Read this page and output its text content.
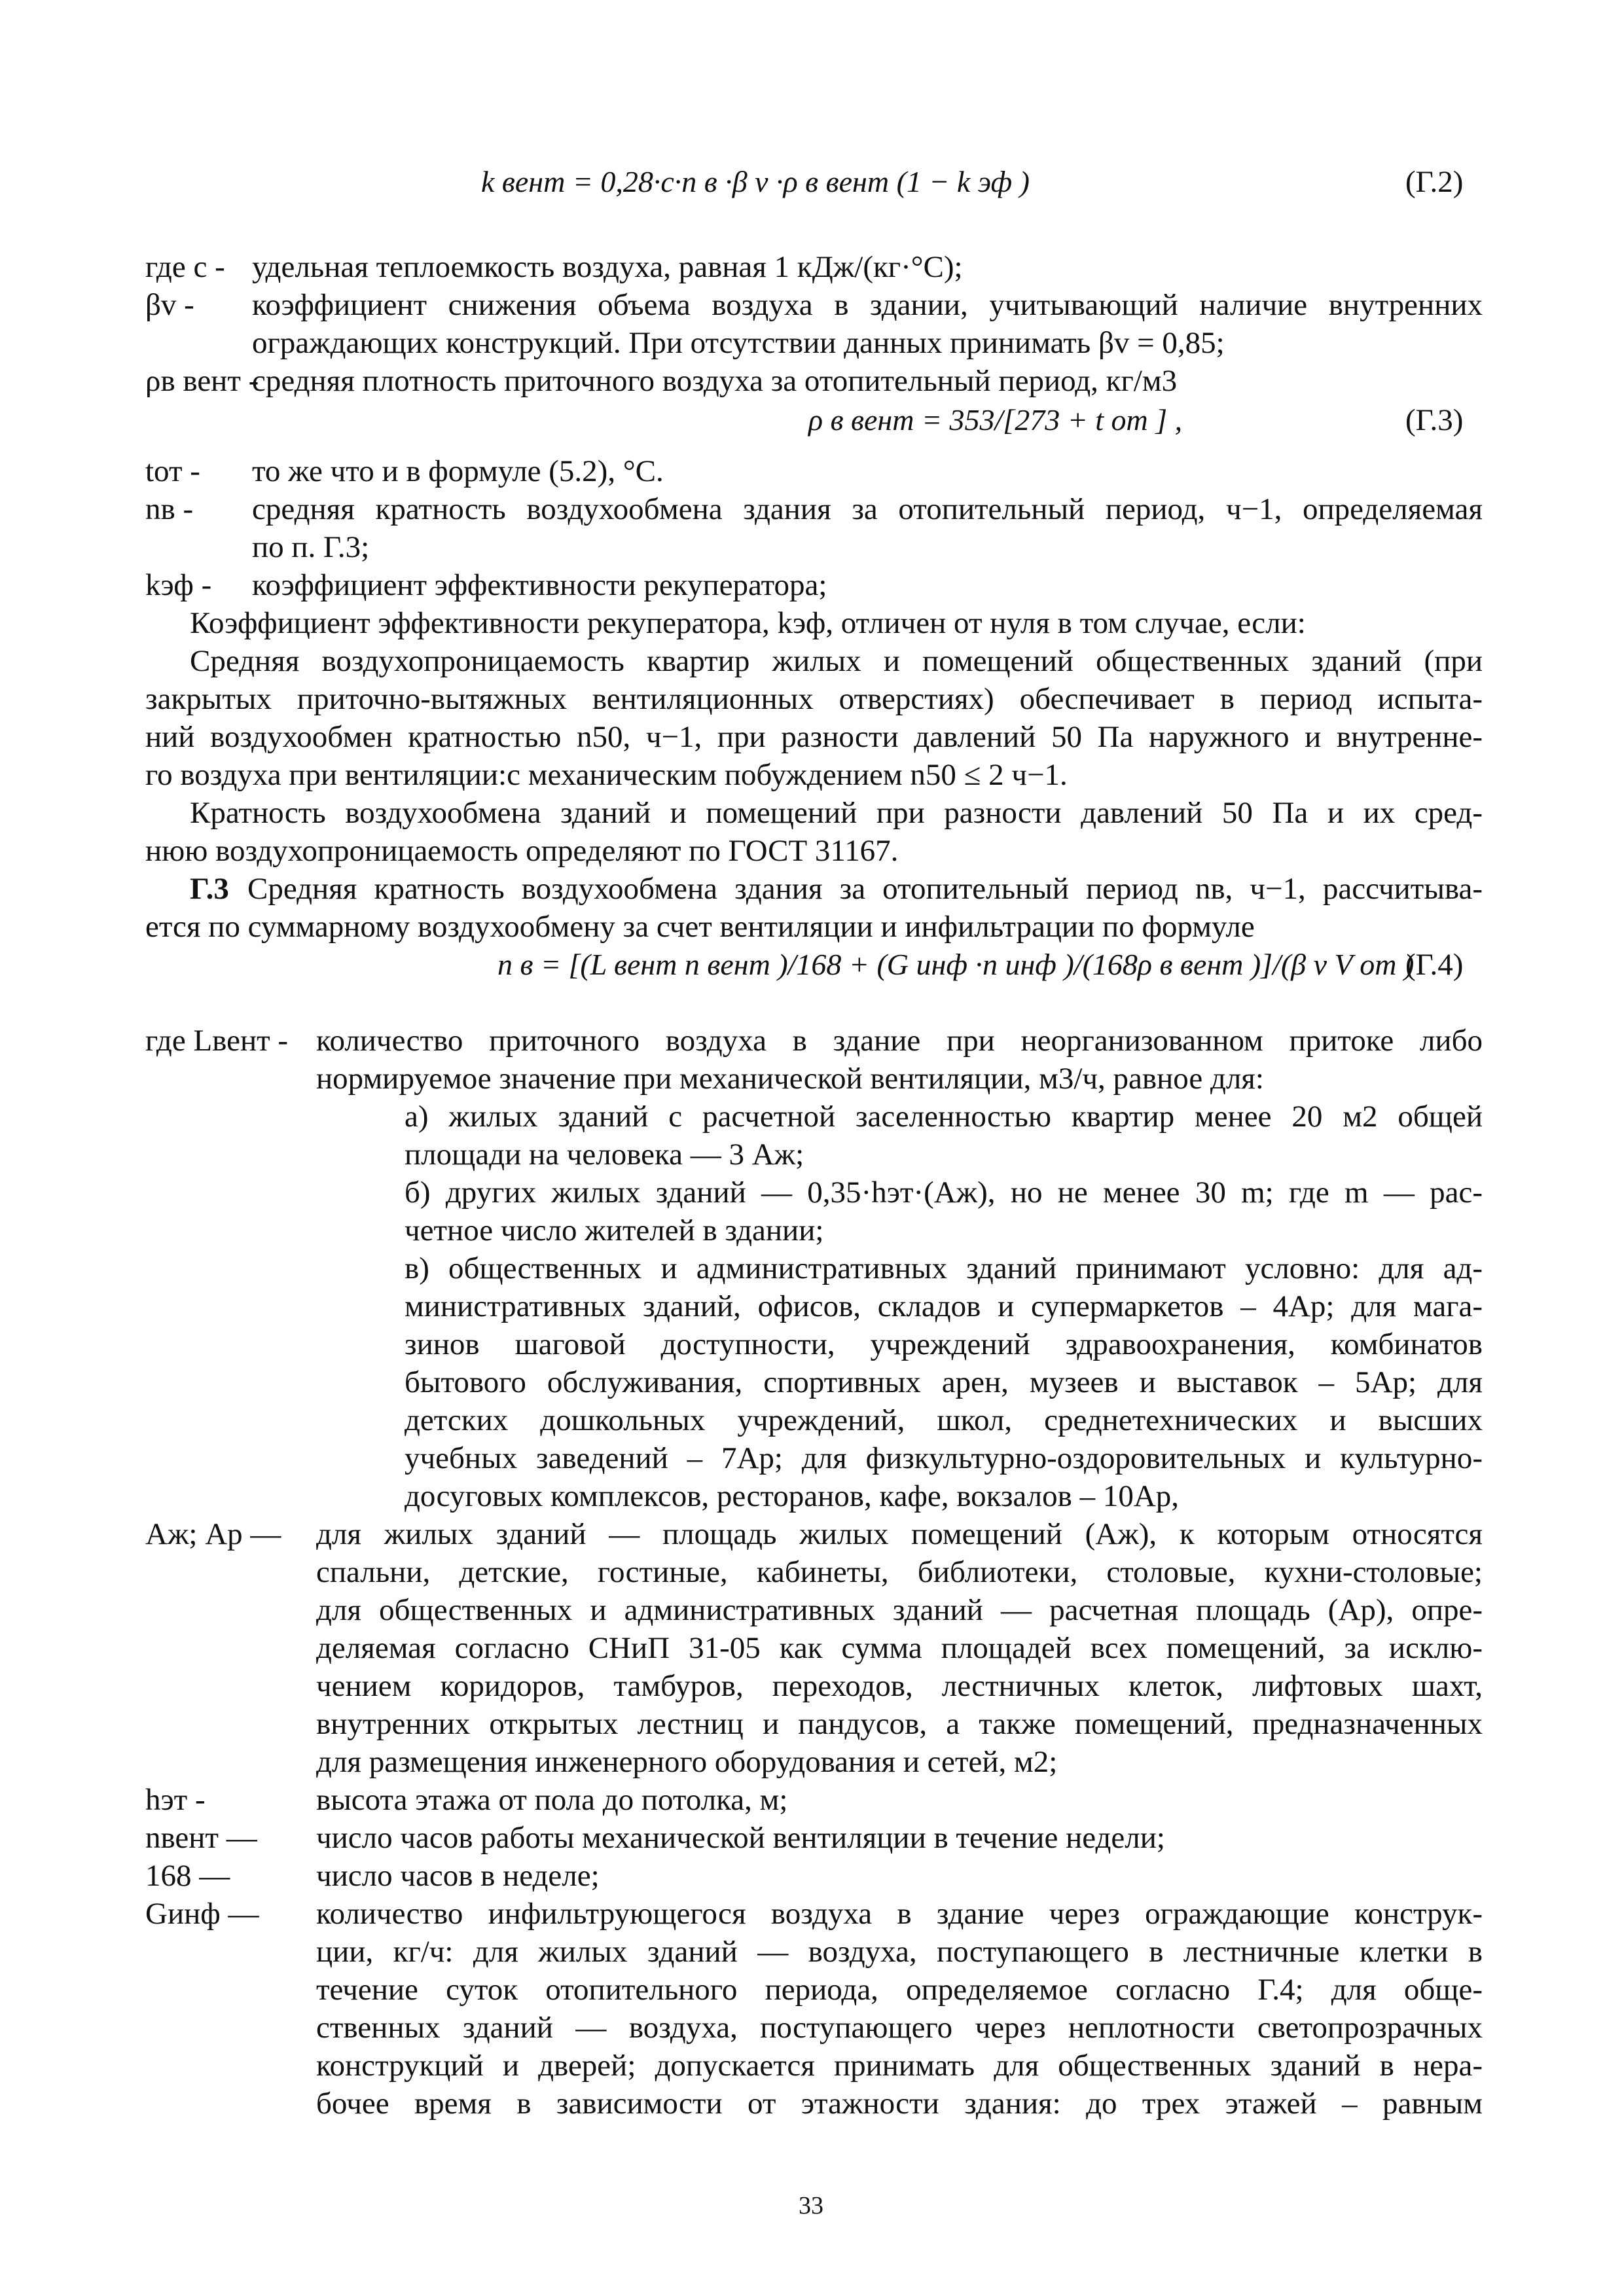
k вент = 0,28·c·n в ·β v ·ρ в вент (1 − k эф )	(Г.2)
где c - удельная теплоемкость воздуха, равная 1 кДж/(кг·°С);
βv - коэффициент снижения объема воздуха в здании, учитывающий наличие внутренних
ограждающих конструкций. При отсутствии данных принимать βv = 0,85;
ρв вент -
средняя плотность приточного воздуха за отопительный период, кг/м3
ρ в вент = 353/[273 + t от ] ,	(Г.3)
tот - то же что и в формуле (5.2), °С.
nв - средняя кратность воздухообмена здания за отопительный период, ч−1, определяемая
по п. Г.3;
kэф - коэффициент эффективности рекуператора;
Коэффициент эффективности рекуператора, kэф, отличен от нуля в том случае, если:
Средняя воздухопроницаемость квартир жилых и помещений общественных зданий (при
закрытых приточно-вытяжных вентиляционных отверстиях) обеспечивает в период испыта-
ний воздухообмен кратностью n50, ч−1, при разности давлений 50 Па наружного и внутренне-
го воздуха при вентиляции:с механическим побуждением n50 ≤ 2 ч−1.
Кратность воздухообмена зданий и помещений при разности давлений 50 Па и их сред-
нюю воздухопроницаемость определяют по ГОСТ 31167.
Г.3 Средняя кратность воздухообмена здания за отопительный период nв, ч−1, рассчитыва-
ется по суммарному воздухообмену за счет вентиляции и инфильтрации по формуле
n в = [(L вент n вент )/168 + (G инф ·n инф )/(168ρ в вент )]/(β v V от )
(Г.4)
где Lвент - количество приточного воздуха в здание при неорганизованном притоке либо
нормируемое значение при механической вентиляции, м3/ч, равное для:
а) жилых зданий с расчетной заселенностью квартир менее 20 м2 общей
площади на человека — 3 Аж;
б) других жилых зданий — 0,35·hэт·(Аж), но не менее 30 m; где m — рас-
четное число жителей в здании;
в) общественных и административных зданий принимают условно: для ад-
министративных зданий, офисов, складов и супермаркетов – 4Ар; для мага-
зинов шаговой доступности, учреждений здравоохранения, комбинатов
бытового обслуживания, спортивных арен, музеев и выставок – 5Ар; для
детских дошкольных учреждений, школ, среднетехнических и высших
учебных заведений – 7Ар; для физкультурно-оздоровительных и культурно-
досуговых комплексов, ресторанов, кафе, вокзалов – 10Ар,
Аж; Ар — для жилых зданий — площадь жилых помещений (Аж), к которым относятся
спальни, детские, гостиные, кабинеты, библиотеки, столовые, кухни-столовые;
для общественных и административных зданий — расчетная площадь (Ар), опре-
деляемая согласно СНиП 31-05 как сумма площадей всех помещений, за исклю-
чением коридоров, тамбуров, переходов, лестничных клеток, лифтовых шахт,
внутренних открытых лестниц и пандусов, а также помещений, предназначенных
для размещения инженерного оборудования и сетей, м2;
hэт -	высота этажа от пола до потолка, м;
nвент — число часов работы механической вентиляции в течение недели;
168 —	число часов в неделе;
Gинф — количество инфильтрующегося воздуха в здание через ограждающие конструк-
ции, кг/ч: для жилых зданий — воздуха, поступающего в лестничные клетки в
течение суток отопительного периода, определяемое согласно Г.4; для обще-
ственных зданий — воздуха, поступающего через неплотности светопрозрачных
конструкций и дверей; допускается принимать для общественных зданий в нера-
бочее время в зависимости от этажности здания: до трех этажей – равным
33
